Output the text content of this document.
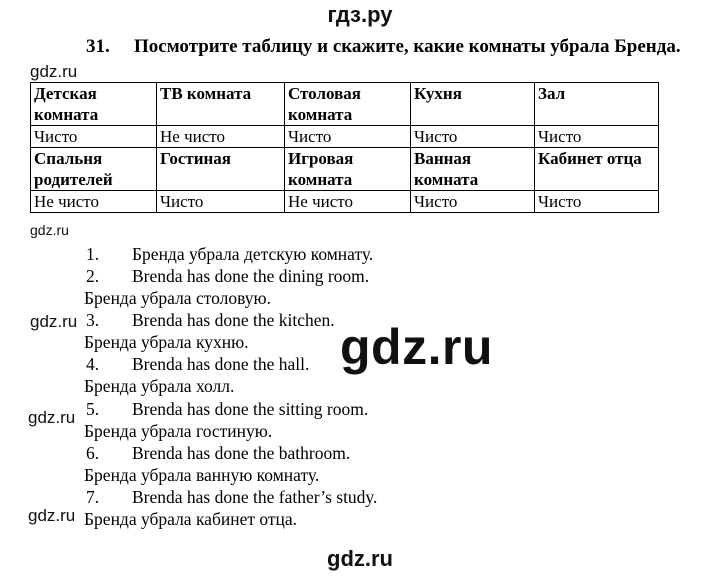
гдз.ру
31. Посмотрите таблицу и скажите, какие комнаты убрала Бренда.
gdz.ru
Детская комната	ТВ комната	Столовая комната	Кухня	Зал
Чисто	Не чисто	Чисто	Чисто	Чисто
Спальня родителей	Гостиная	Игровая комната	Ванная комната	Кабинет отца
Не чисто	Чисто	Не чисто	Чисто	Чисто
gdz.ru
1. Бренда убрала детскую комнату.
2. Brenda has done the dining room.
Бренда убрала столовую.
gdz.ru 3. Brenda has done the kitchen.
Бренда убрала кухню.
4. Brenda has done the hall.
Бренда убрала холл.
5. Brenda has done the sitting room.
gdz.ru
Бренда убрала гостиную.
6. Brenda has done the bathroom.
Бренда убрала ванную комнату.
7. Brenda has done the father’s study.
gdz.ru Бренда убрала кабинет отца.
gdz.ru
gdz.ru
